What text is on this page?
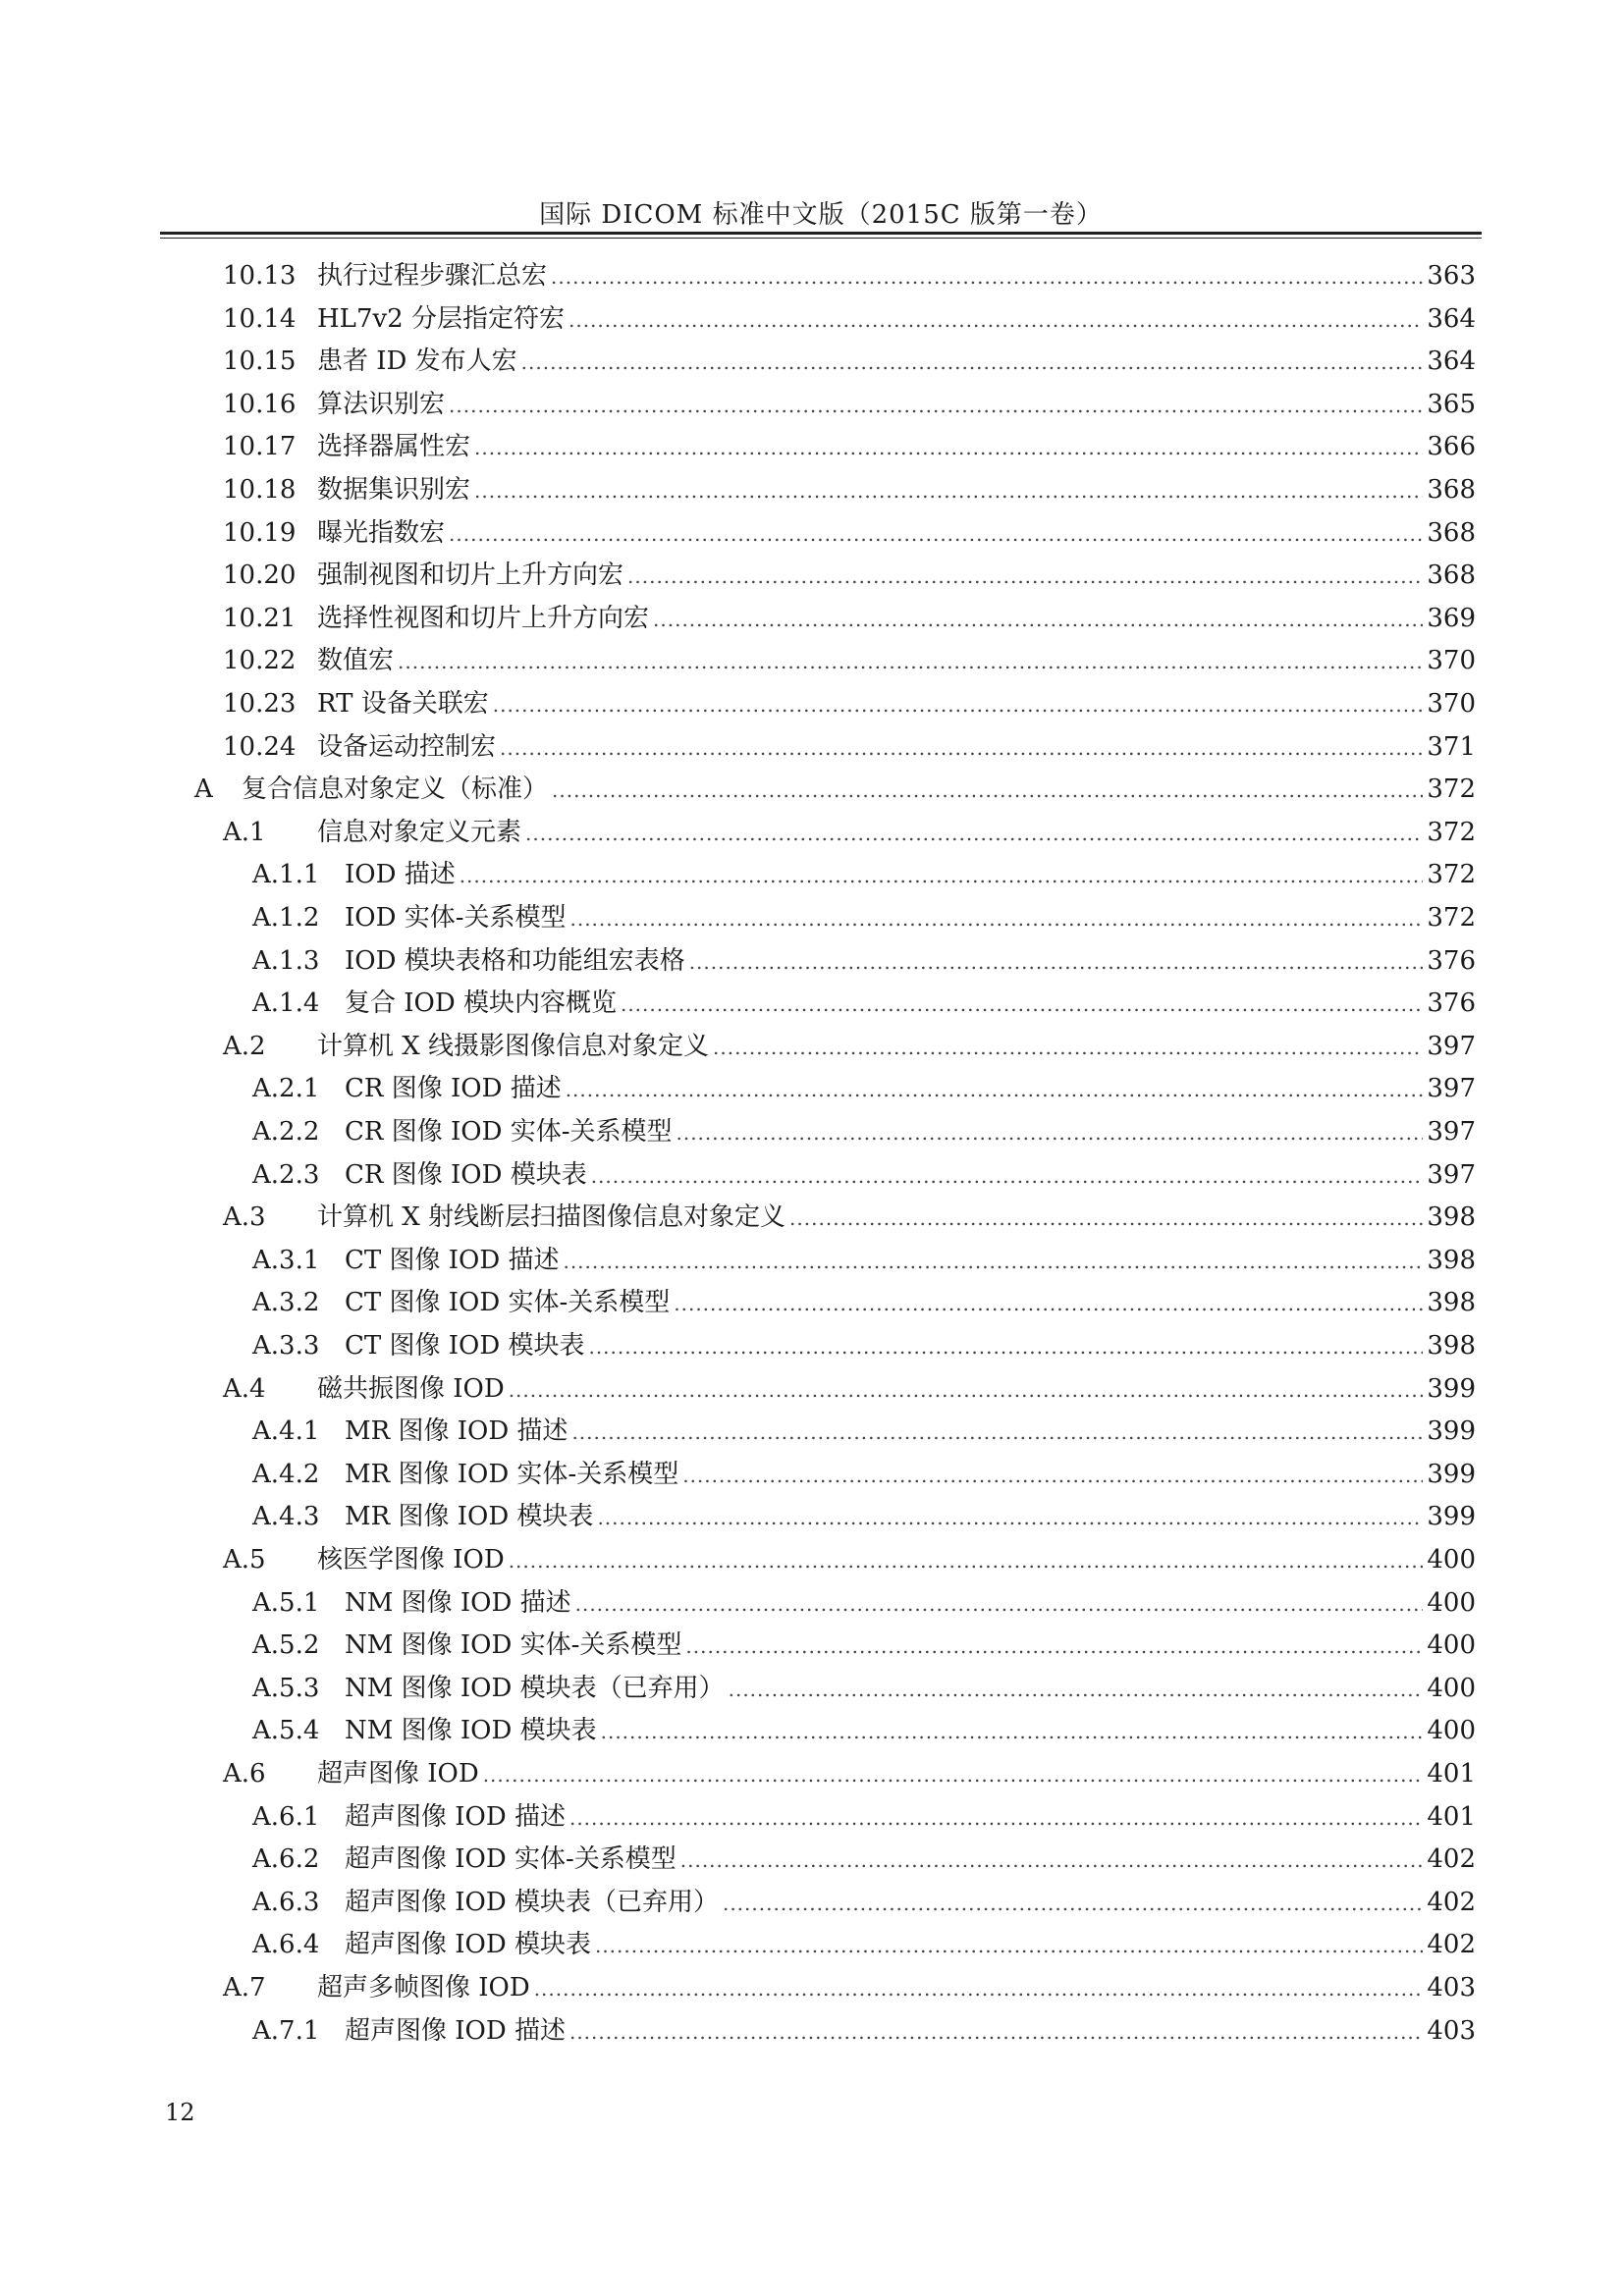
国际 DICOM 标准中文版（2015C 版第一卷）
10.13 执行过程步骤汇总宏 .....	363
10.14 HL7v2 分层指定符宏 .....	364
10.15 患者 ID 发布人宏 .....	364
10.16 算法识别宏 .....	365
10.17 选择器属性宏 .....	366
10.18 数据集识别宏 .....	368
10.19 曝光指数宏 .....	368
10.20 强制视图和切片上升方向宏 .....	368
10.21 选择性视图和切片上升方向宏 .....	369
10.22 数值宏 .....	370
10.23 RT 设备关联宏 .....	370
10.24 设备运动控制宏 .....	371
A	复合信息对象定义（标准） .....	372
A.1	信息对象定义元素 .....	372
A.1.1 IOD 描述 .....	372
A.1.2 IOD 实体-关系模型 .....	372
A.1.3 IOD 模块表格和功能组宏表格 .....	376
A.1.4 复合 IOD 模块内容概览 .....	376
A.2	计算机 X 线摄影图像信息对象定义 .....	397
A.2.1 CR 图像 IOD 描述 .....	397
A.2.2 CR 图像 IOD 实体-关系模型 .....	397
A.2.3 CR 图像 IOD 模块表 .....	397
A.3	计算机 X 射线断层扫描图像信息对象定义 .....	398
A.3.1 CT 图像 IOD 描述 .....	398
A.3.2 CT 图像 IOD 实体-关系模型 .....	398
A.3.3 CT 图像 IOD 模块表 .....	398
A.4	磁共振图像 IOD .....	399
A.4.1 MR 图像 IOD 描述 .....	399
A.4.2 MR 图像 IOD 实体-关系模型 .....	399
A.4.3 MR 图像 IOD 模块表 .....	399
A.5	核医学图像 IOD .....	400
A.5.1 NM 图像 IOD 描述 .....	400
A.5.2 NM 图像 IOD 实体-关系模型 .....	400
A.5.3 NM 图像 IOD 模块表（已弃用） .....	400
A.5.4 NM 图像 IOD 模块表 .....	400
A.6	超声图像 IOD .....	401
A.6.1 超声图像 IOD 描述 .....	401
A.6.2 超声图像 IOD 实体-关系模型 .....	402
A.6.3 超声图像 IOD 模块表（已弃用） .....	402
A.6.4 超声图像 IOD 模块表 .....	402
A.7	超声多帧图像 IOD .....	403
A.7.1 超声图像 IOD 描述 .....	403
12
